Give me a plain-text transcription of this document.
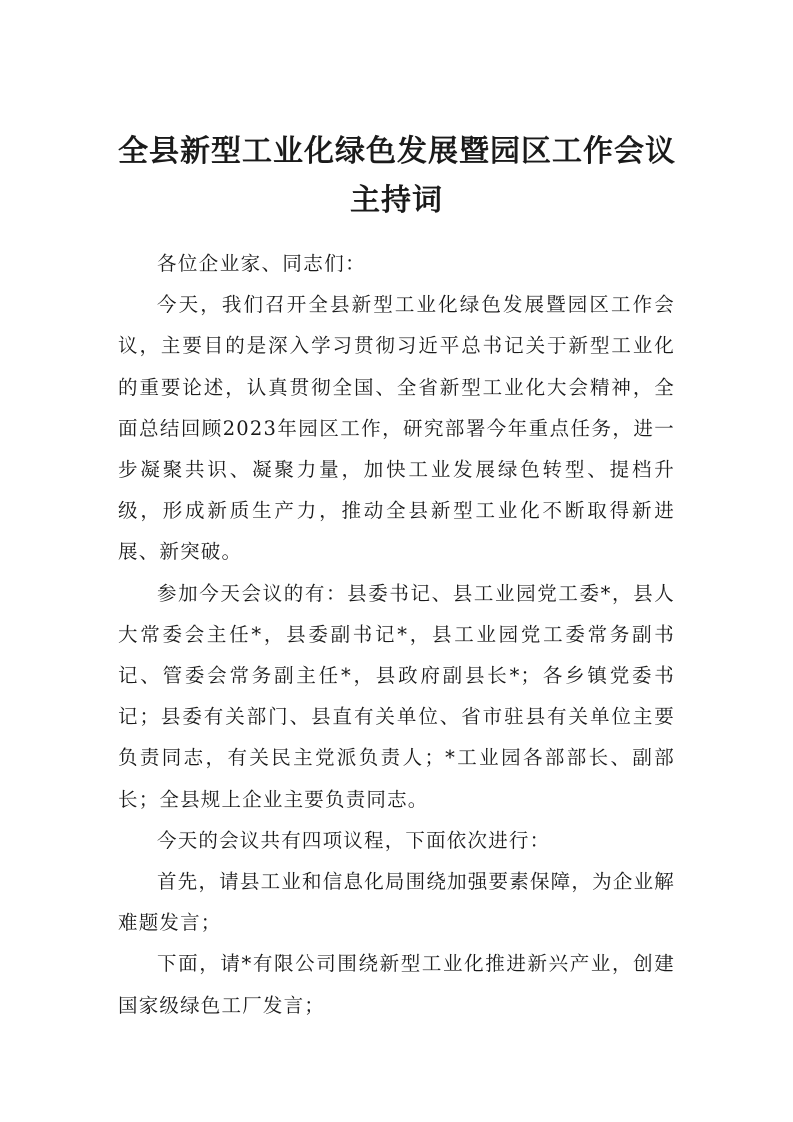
全县新型工业化绿色发展暨园区工作会议
主持词

各位企业家、同志们：

今天，我们召开全县新型工业化绿色发展暨园区工作会议，主要目的是深入学习贯彻习近平总书记关于新型工业化的重要论述，认真贯彻全国、全省新型工业化大会精神，全面总结回顾2023年园区工作，研究部署今年重点任务，进一步凝聚共识、凝聚力量，加快工业发展绿色转型、提档升级，形成新质生产力，推动全县新型工业化不断取得新进展、新突破。

参加今天会议的有：县委书记、县工业园党工委*，县人大常委会主任*，县委副书记*，县工业园党工委常务副书记、管委会常务副主任*，县政府副县长*；各乡镇党委书记；县委有关部门、县直有关单位、省市驻县有关单位主要负责同志，有关民主党派负责人；*工业园各部部长、副部长；全县规上企业主要负责同志。

今天的会议共有四项议程，下面依次进行：

首先，请县工业和信息化局围绕加强要素保障，为企业解难题发言；

下面，请*有限公司围绕新型工业化推进新兴产业，创建国家级绿色工厂发言；
